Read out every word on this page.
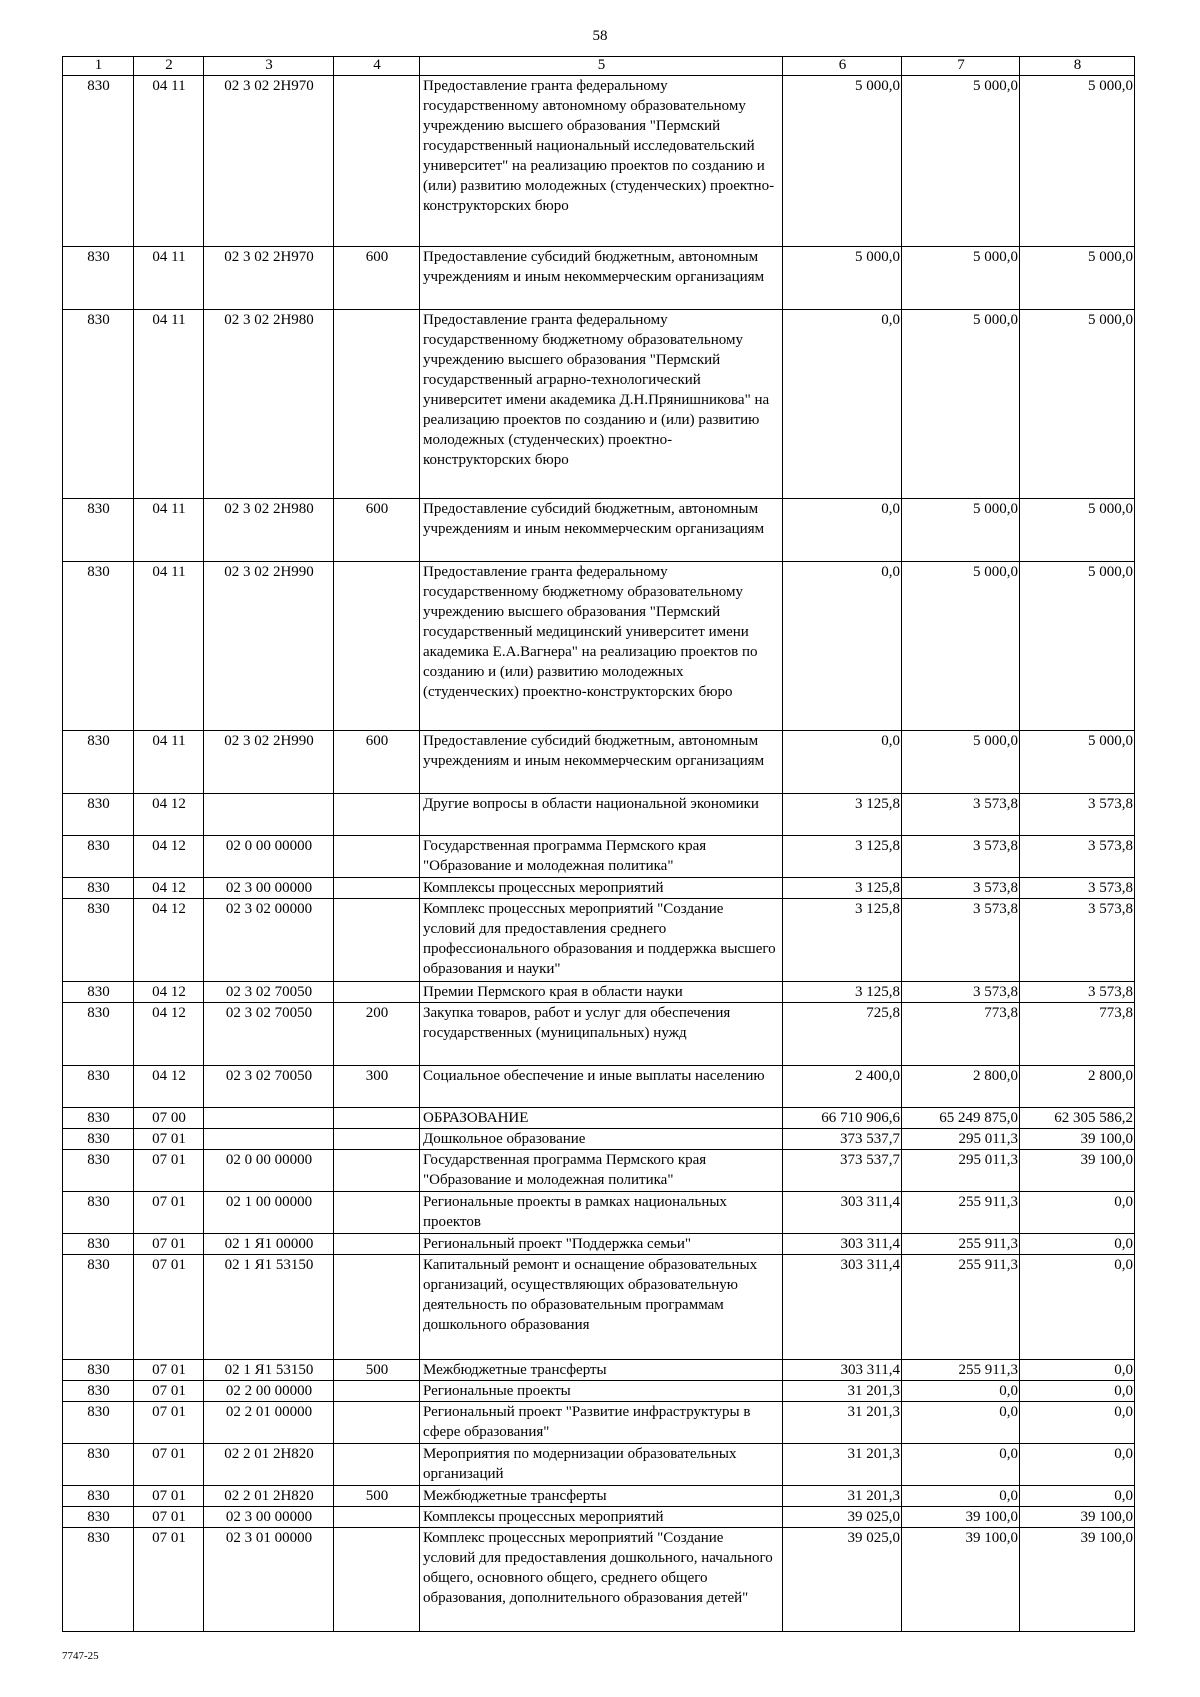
58
1	2	3	4	5	6	7	8
830	04 11	02 3 02 2Н970		Предоставление гранта федеральному государственному автономному образовательному учреждению высшего образования "Пермский государственный национальный исследовательский университет" на реализацию проектов по созданию и (или) развитию молодежных (студенческих) проектно-конструкторских бюро	5 000,0	5 000,0	5 000,0
830	04 11	02 3 02 2Н970	600	Предоставление субсидий бюджетным, автономным учреждениям и иным некоммерческим организациям	5 000,0	5 000,0	5 000,0
830	04 11	02 3 02 2Н980		Предоставление гранта федеральному государственному бюджетному образовательному учреждению высшего образования "Пермский государственный аграрно-технологический университет имени академика Д.Н.Прянишникова" на реализацию проектов по созданию и (или) развитию молодежных (студенческих) проектно-конструкторских бюро	0,0	5 000,0	5 000,0
830	04 11	02 3 02 2Н980	600	Предоставление субсидий бюджетным, автономным учреждениям и иным некоммерческим организациям	0,0	5 000,0	5 000,0
830	04 11	02 3 02 2Н990		Предоставление гранта федеральному государственному бюджетному образовательному учреждению высшего образования "Пермский государственный медицинский университет имени академика Е.А.Вагнера" на реализацию проектов по созданию и (или) развитию молодежных (студенческих) проектно-конструкторских бюро	0,0	5 000,0	5 000,0
830	04 11	02 3 02 2Н990	600	Предоставление субсидий бюджетным, автономным учреждениям и иным некоммерческим организациям	0,0	5 000,0	5 000,0
830	04 12			Другие вопросы в области национальной экономики	3 125,8	3 573,8	3 573,8
830	04 12	02 0 00 00000		Государственная программа Пермского края "Образование и молодежная политика"	3 125,8	3 573,8	3 573,8
830	04 12	02 3 00 00000		Комплексы процессных мероприятий	3 125,8	3 573,8	3 573,8
830	04 12	02 3 02 00000		Комплекс процессных мероприятий "Создание условий для предоставления среднего профессионального образования и поддержка высшего образования и науки"	3 125,8	3 573,8	3 573,8
830	04 12	02 3 02 70050		Премии Пермского края в области науки	3 125,8	3 573,8	3 573,8
830	04 12	02 3 02 70050	200	Закупка товаров, работ и услуг для обеспечения государственных (муниципальных) нужд	725,8	773,8	773,8
830	04 12	02 3 02 70050	300	Социальное обеспечение и иные выплаты населению	2 400,0	2 800,0	2 800,0
830	07 00			ОБРАЗОВАНИЕ	66 710 906,6	65 249 875,0	62 305 586,2
830	07 01			Дошкольное образование	373 537,7	295 011,3	39 100,0
830	07 01	02 0 00 00000		Государственная программа Пермского края "Образование и молодежная политика"	373 537,7	295 011,3	39 100,0
830	07 01	02 1 00 00000		Региональные проекты в рамках национальных проектов	303 311,4	255 911,3	0,0
830	07 01	02 1 Я1 00000		Региональный проект "Поддержка семьи"	303 311,4	255 911,3	0,0
830	07 01	02 1 Я1 53150		Капитальный ремонт и оснащение образовательных организаций, осуществляющих образовательную деятельность по образовательным программам дошкольного образования	303 311,4	255 911,3	0,0
830	07 01	02 1 Я1 53150	500	Межбюджетные трансферты	303 311,4	255 911,3	0,0
830	07 01	02 2 00 00000		Региональные проекты	31 201,3	0,0	0,0
830	07 01	02 2 01 00000		Региональный проект "Развитие инфраструктуры в сфере образования"	31 201,3	0,0	0,0
830	07 01	02 2 01 2Н820		Мероприятия по модернизации образовательных организаций	31 201,3	0,0	0,0
830	07 01	02 2 01 2Н820	500	Межбюджетные трансферты	31 201,3	0,0	0,0
830	07 01	02 3 00 00000		Комплексы процессных мероприятий	39 025,0	39 100,0	39 100,0
830	07 01	02 3 01 00000		Комплекс процессных мероприятий "Создание условий для предоставления дошкольного, начального общего, основного общего, среднего общего образования, дополнительного образования детей"	39 025,0	39 100,0	39 100,0
7747-25
